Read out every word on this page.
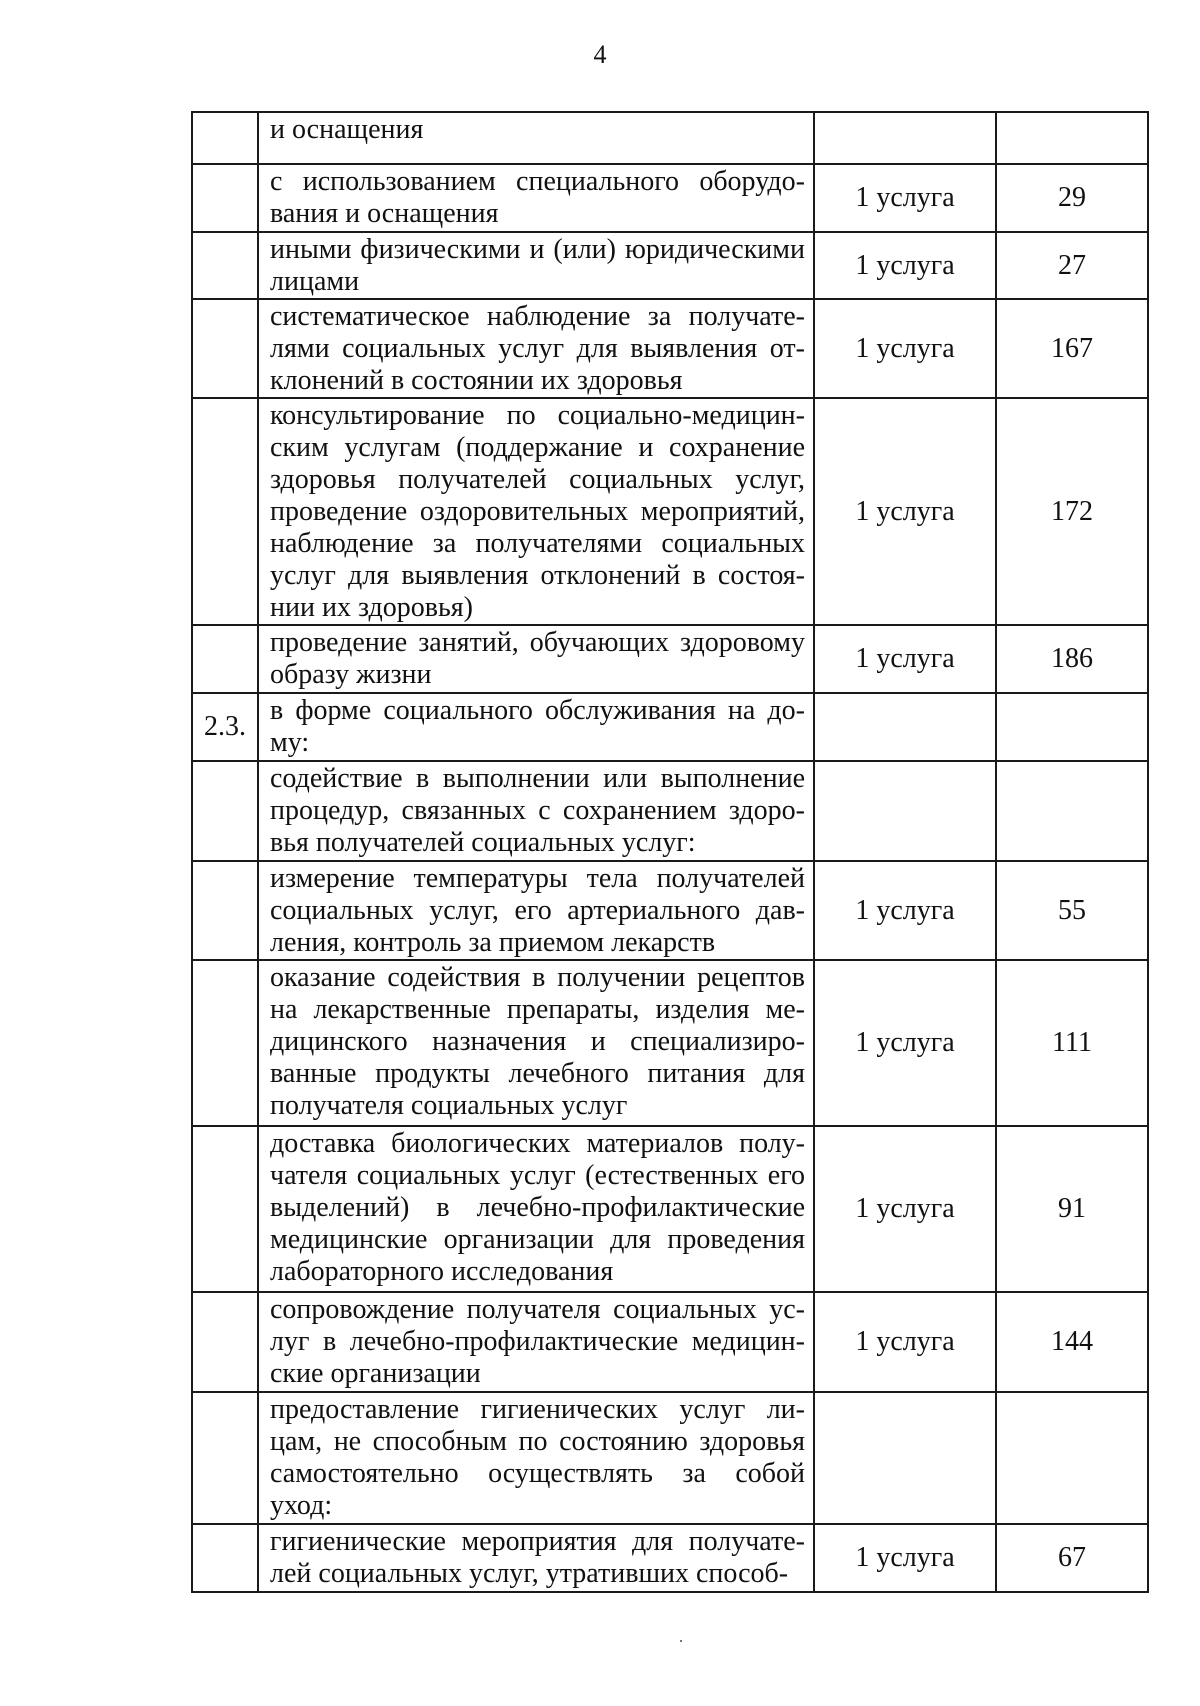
4

	и оснащения		

	с использованием специального оборудо-вания и оснащения	1 услуга	29

	иными физическими и (или) юридическими лицами	1 услуга	27

	систематическое наблюдение за получате-лями социальных услуг для выявления от-клонений в состоянии их здоровья	1 услуга	167

	консультирование по социально-медицин-ским услугам (поддержание и сохранение здоровья получателей социальных услуг, проведение оздоровительных мероприятий, наблюдение за получателями социальных услуг для выявления отклонений в состоя-нии их здоровья)	1 услуга	172

	проведение занятий, обучающих здоровому образу жизни	1 услуга	186
2.3.	в форме социального обслуживания на до-му:		

	содействие в выполнении или выполнение процедур, связанных с сохранением здоро-вья получателей социальных услуг:		

	измерение температуры тела получателей социальных услуг, его артериального дав-ления, контроль за приемом лекарств	1 услуга	55

	оказание содействия в получении рецептов на лекарственные препараты, изделия ме-дицинского назначения и специализиро-ванные продукты лечебного питания для получателя социальных услуг	1 услуга	111

	доставка биологических материалов полу-чателя социальных услуг (естественных его выделений) в лечебно-профилактические медицинские организации для проведения лабораторного исследования	1 услуга	91

	сопровождение получателя социальных ус-луг в лечебно-профилактические медицин-ские организации	1 услуга	144

	предоставление гигиенических услуг ли-цам, не способным по состоянию здоровья самостоятельно осуществлять за собой уход:		

	гигиенические мероприятия для получате-лей социальных услуг, утративших способ-	1 услуга	67
